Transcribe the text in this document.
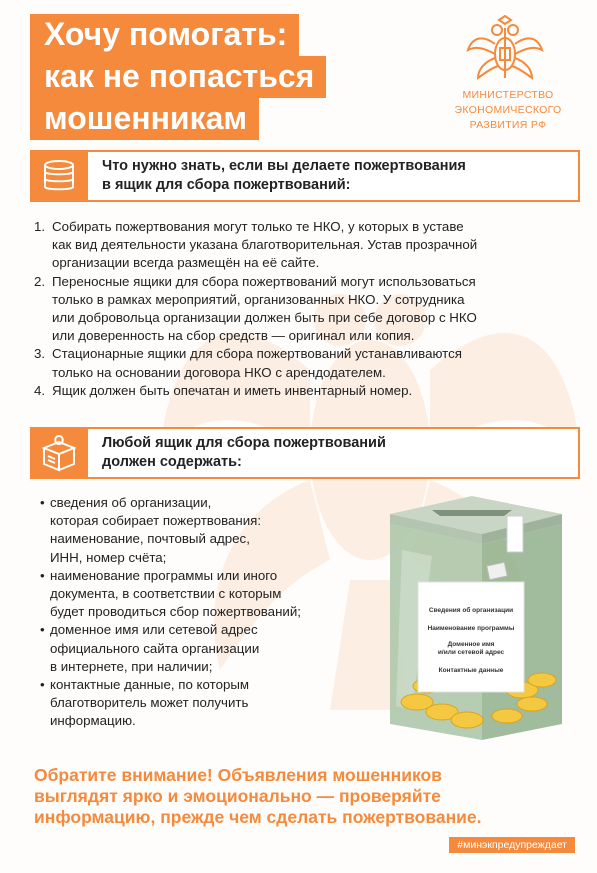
Хочу помогать:
как не попасться
мошенникам
МИНИСТЕРСТВО
ЭКОНОМИЧЕСКОГО
РАЗВИТИЯ РФ
Что нужно знать, если вы делаете пожертвования
в ящик для сбора пожертвований:
1. Собирать пожертвования могут только те НКО, у которых в уставе
как вид деятельности указана благотворительная. Устав прозрачной
организации всегда размещён на её сайте.
2. Переносные ящики для сбора пожертвований могут использоваться
только в рамках мероприятий, организованных НКО. У сотрудника
или добровольца организации должен быть при себе договор с НКО
или доверенность на сбор средств — оригинал или копия.
3. Стационарные ящики для сбора пожертвований устанавливаются
только на основании договора НКО с арендодателем.
4. Ящик должен быть опечатан и иметь инвентарный номер.
Любой ящик для сбора пожертвований
должен содержать:
• сведения об организации,
которая собирает пожертвования:
наименование, почтовый адрес,
ИНН, номер счёта;
• наименование программы или иного
документа, в соответствии с которым
будет проводиться сбор пожертвований;
• доменное имя или сетевой адрес
официального сайта организации
в интернете, при наличии;
• контактные данные, по которым
благотворитель может получить
информацию.
Сведения об организации
Наименование программы
Доменное имя
и/или сетевой адрес
Контактные данные
Обратите внимание! Объявления мошенников
выглядят ярко и эмоционально — проверяйте
информацию, прежде чем сделать пожертвование.
#минэкпредупреждает
